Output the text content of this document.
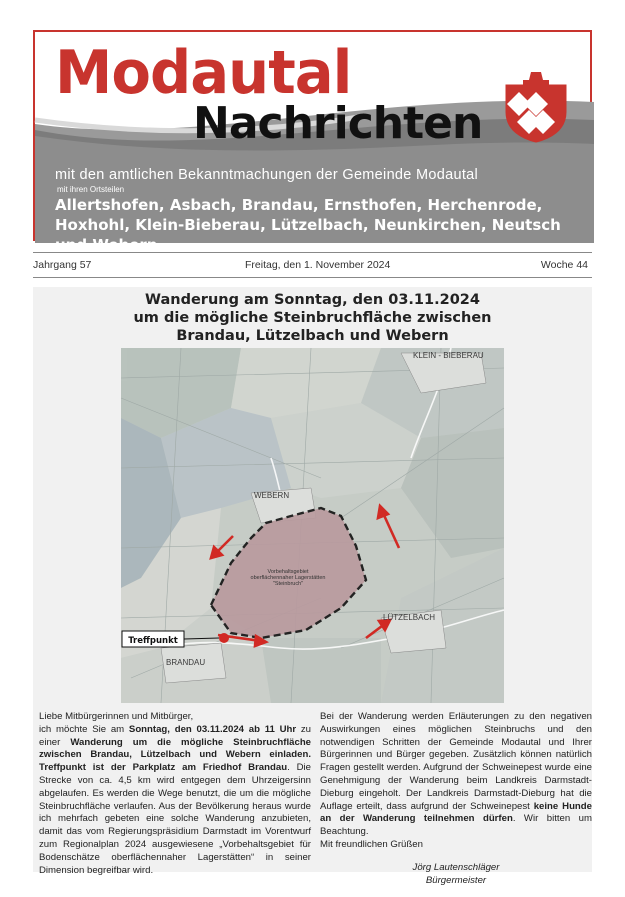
Modautal
Nachrichten
mit den amtlichen Bekanntmachungen der Gemeinde Modautal
mit ihren Ortsteilen
Allertshofen, Asbach, Brandau, Ernsthofen, Herchenrode, Hoxhohl, Klein-Bieberau, Lützelbach, Neunkirchen, Neutsch und Webern
Jahrgang 57	Freitag, den 1. November 2024	Woche 44
Wanderung am Sonntag, den 03.11.2024
um die mögliche Steinbruchfläche zwischen
Brandau, Lützelbach und Webern
Vorbehaltsgebiet
oberflächennaher Lagerstätten
"Steinbruch"
Treffpunkt
KLEIN - BIEBERAU
WEBERN
LÜTZELBACH
BRANDAU

Liebe Mitbürgerinnen und Mitbürger,

ich möchte Sie am Sonntag, den 03.11.2024 ab 11 Uhr zu einer Wanderung um die mögliche Steinbruchfläche zwischen Brandau, Lützelbach und Webern einladen. Treffpunkt ist der Parkplatz am Friedhof Brandau. Die Strecke von ca. 4,5 km wird entgegen dem Uhrzeigersinn abgelaufen. Es werden die Wege benutzt, die um die mögliche Steinbruchfläche verlaufen. Aus der Bevölkerung heraus wurde ich mehrfach gebeten eine solche Wanderung anzubieten, damit das vom Regierungspräsidium Darmstadt im Vorentwurf zum Regionalplan 2024 ausgewiesene „Vorbehaltsgebiet für Bodenschätze oberflächennaher Lagerstätten“ in seiner Dimension begreifbar wird.

Bei der Wanderung werden Erläuterungen zu den negativen Auswirkungen eines möglichen Steinbruchs und den notwendigen Schritten der Gemeinde Modautal und Ihrer Bürgerinnen und Bürger gegeben. Zusätzlich können natürlich Fragen gestellt werden. Aufgrund der Schweinepest wurde eine Genehmigung der Wanderung beim Landkreis Darmstadt-Dieburg eingeholt. Der Landkreis Darmstadt-Dieburg hat die Auflage erteilt, dass aufgrund der Schweinepest keine Hunde an der Wanderung teilnehmen dürfen. Wir bitten um Beachtung.

Mit freundlichen Grüßen

Jörg Lautenschläger

Bürgermeister
